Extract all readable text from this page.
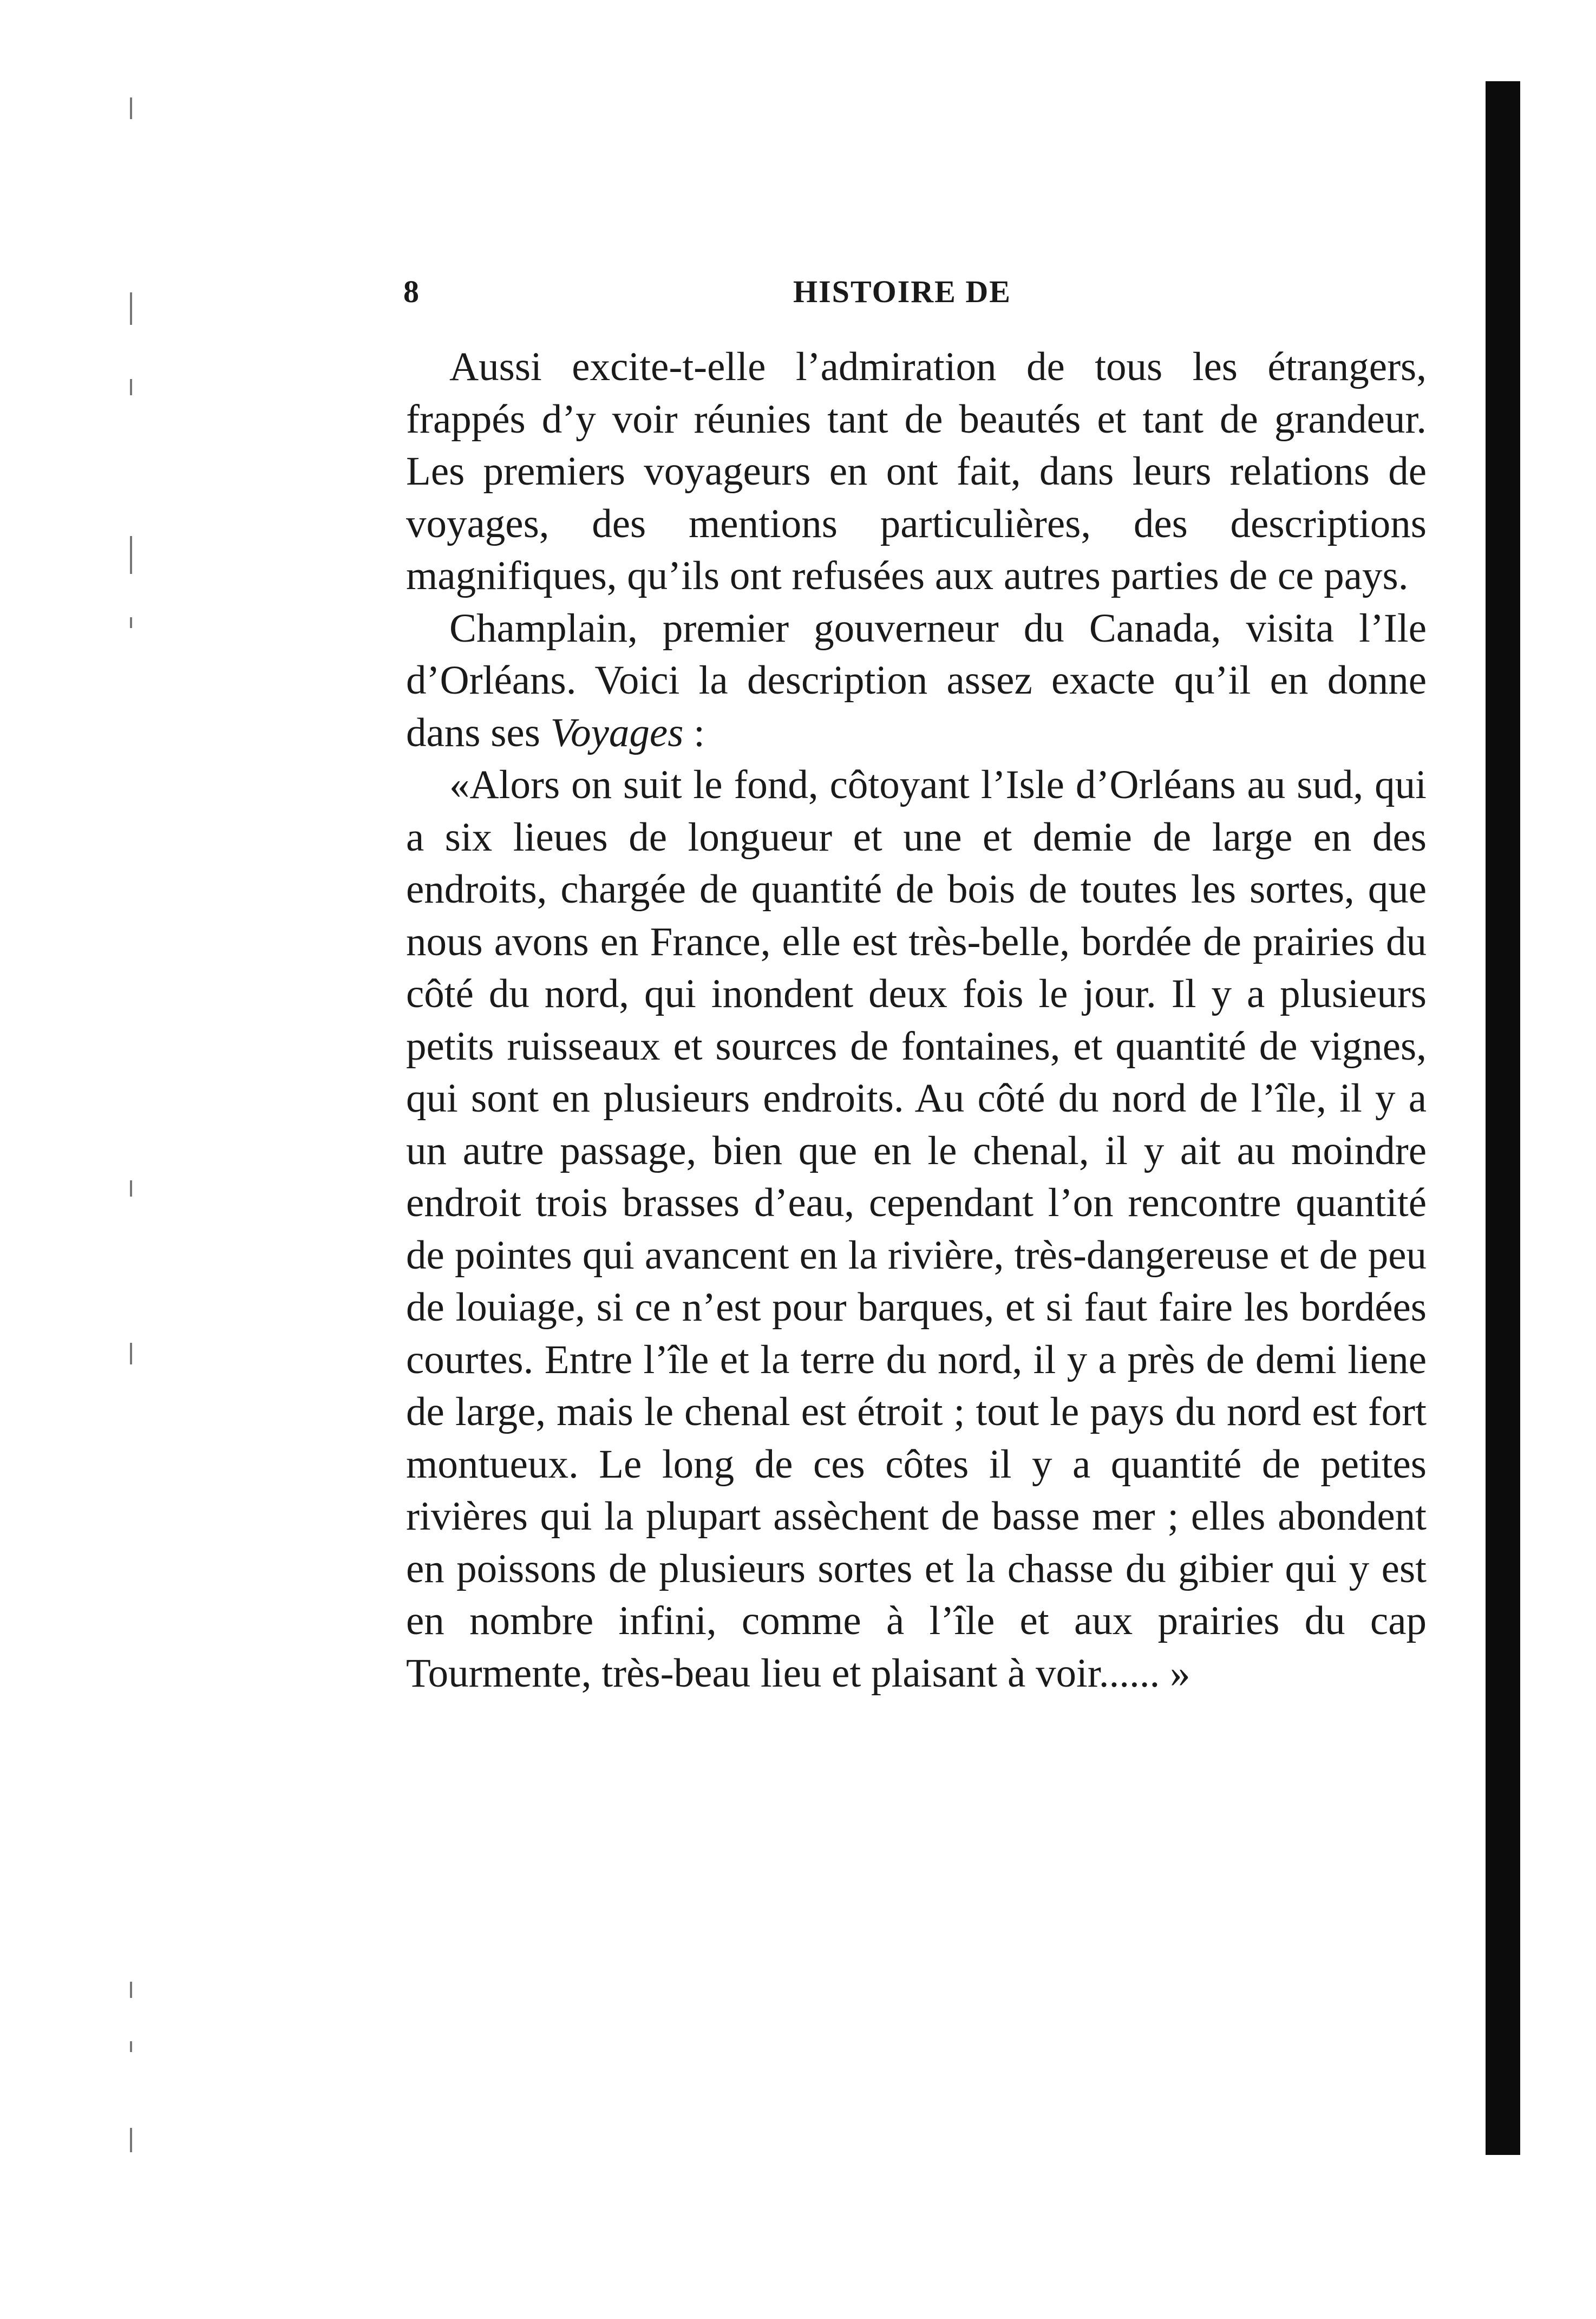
8	HISTOIRE DE

Aussi excite-t-elle l’admiration de tous les étrangers, frappés d’y voir réunies tant de beautés et tant de grandeur. Les premiers voyageurs en ont fait, dans leurs relations de voyages, des mentions particulières, des descriptions magnifiques, qu’ils ont refusées aux autres parties de ce pays.

Champlain, premier gouverneur du Canada, visita l’Ile d’Orléans. Voici la description assez exacte qu’il en donne dans ses Voyages :

«Alors on suit le fond, côtoyant l’Isle d’Orléans au sud, qui a six lieues de longueur et une et demie de large en des endroits, chargée de quantité de bois de toutes les sortes, que nous avons en France, elle est très-belle, bordée de prairies du côté du nord, qui inondent deux fois le jour. Il y a plusieurs petits ruisseaux et sources de fontaines, et quantité de vignes, qui sont en plusieurs endroits. Au côté du nord de l’île, il y a un autre passage, bien que en le chenal, il y ait au moindre endroit trois brasses d’eau, cependant l’on rencontre quantité de pointes qui avancent en la rivière, très-dangereuse et de peu de louiage, si ce n’est pour barques, et si faut faire les bordées courtes. Entre l’île et la terre du nord, il y a près de demi liene de large, mais le chenal est étroit ; tout le pays du nord est fort montueux. Le long de ces côtes il y a quantité de petites rivières qui la plupart assèchent de basse mer ; elles abondent en poissons de plusieurs sortes et la chasse du gibier qui y est en nombre infini, comme à l’île et aux prairies du cap Tourmente, très-beau lieu et plaisant à voir...... »
